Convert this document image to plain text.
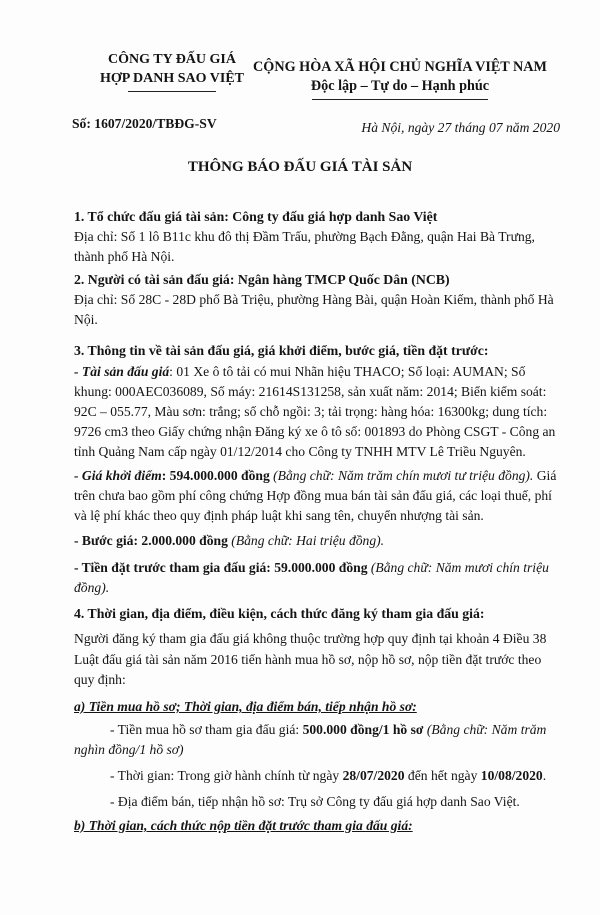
CÔNG TY ĐẤU GIÁ
HỢP DANH SAO VIỆT
CỘNG HÒA XÃ HỘI CHỦ NGHĨA VIỆT NAM
Độc lập – Tự do – Hạnh phúc
Số: 1607/2020/TBĐG-SV	Hà Nội, ngày 27 tháng 07 năm 2020
THÔNG BÁO ĐẤU GIÁ TÀI SẢN
1. Tổ chức đấu giá tài sản: Công ty đấu giá hợp danh Sao Việt
Địa chỉ: Số 1 lô B11c khu đô thị Đầm Trấu, phường Bạch Đằng, quận Hai Bà Trưng,
thành phố Hà Nội.
2. Người có tài sản đấu giá: Ngân hàng TMCP Quốc Dân (NCB)
Địa chỉ: Số 28C - 28D phố Bà Triệu, phường Hàng Bài, quận Hoàn Kiếm, thành phố Hà
Nội.
3. Thông tin về tài sản đấu giá, giá khởi điểm, bước giá, tiền đặt trước:
- Tài sản đấu giá: 01 Xe ô tô tải có mui Nhãn hiệu THACO; Số loại: AUMAN; Số
khung: 000AEC036089, Số máy: 21614S131258, sản xuất năm: 2014; Biển kiểm soát:
92C – 055.77, Màu sơn: trắng; số chỗ ngồi: 3; tải trọng: hàng hóa: 16300kg; dung tích:
9726 cm3 theo Giấy chứng nhận Đăng ký xe ô tô số: 001893 do Phòng CSGT - Công an
tỉnh Quảng Nam cấp ngày 01/12/2014 cho Công ty TNHH MTV Lê Triều Nguyên.
- Giá khởi điểm: 594.000.000 đồng (Bằng chữ: Năm trăm chín mươi tư triệu đồng). Giá
trên chưa bao gồm phí công chứng Hợp đồng mua bán tài sản đấu giá, các loại thuế, phí
và lệ phí khác theo quy định pháp luật khi sang tên, chuyển nhượng tài sản.
- Bước giá: 2.000.000 đồng (Bằng chữ: Hai triệu đồng).
- Tiền đặt trước tham gia đấu giá: 59.000.000 đồng (Bằng chữ: Năm mươi chín triệu
đồng).
4. Thời gian, địa điểm, điều kiện, cách thức đăng ký tham gia đấu giá:
Người đăng ký tham gia đấu giá không thuộc trường hợp quy định tại khoản 4 Điều 38
Luật đấu giá tài sản năm 2016 tiến hành mua hồ sơ, nộp hồ sơ, nộp tiền đặt trước theo
quy định:
a) Tiền mua hồ sơ; Thời gian, địa điểm bán, tiếp nhận hồ sơ:
- Tiền mua hồ sơ tham gia đấu giá: 500.000 đồng/1 hồ sơ (Bằng chữ: Năm trăm
nghìn đồng/1 hồ sơ)
- Thời gian: Trong giờ hành chính từ ngày 28/07/2020 đến hết ngày 10/08/2020.
- Địa điểm bán, tiếp nhận hồ sơ: Trụ sở Công ty đấu giá hợp danh Sao Việt.
b) Thời gian, cách thức nộp tiền đặt trước tham gia đấu giá:
